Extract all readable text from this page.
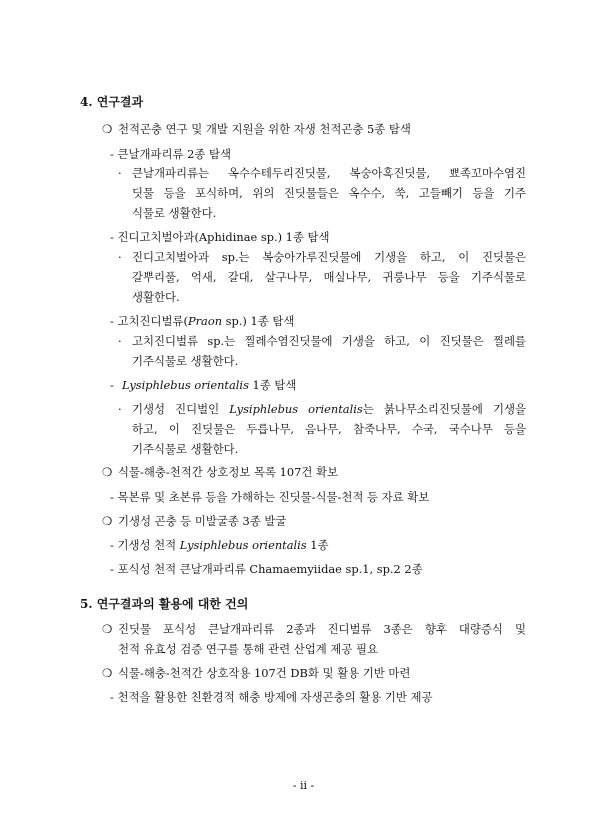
4. 연구결과
❍ 천적곤충 연구 및 개발 지원을 위한 자생 천적곤충 5종 탐색
- 큰날개파리류 2종 탐색
· 큰날개파리류는 옥수수테두리진딧물, 복숭아혹진딧물, 뾰족꼬마수염진
딧물 등을 포식하며, 위의 진딧물들은 옥수수, 쑥, 고들빼기 등을 기주
식물로 생활한다.
- 진디고치벌아과(Aphidinae sp.) 1종 탐색
· 진디고치벌아과 sp.는 복숭아가루진딧물에 기생을 하고, 이 진딧물은
갈뿌리풀, 억새, 갈대, 살구나무, 매실나무, 귀룽나무 등을 기주식물로
생활한다.
- 고치진디벌류(Praon sp.) 1종 탐색
· 고치진디벌류 sp.는 찔레수염진딧물에 기생을 하고, 이 진딧물은 찔레를
기주식물로 생활한다.
- Lysiphlebus orientalis 1종 탐색
· 기생성 진디벌인 Lysiphlebus orientalis는 붉나무소리진딧물에 기생을
하고, 이 진딧물은 두릅나무, 음나무, 참죽나무, 수국, 국수나무 등을
기주식물로 생활한다.
❍ 식물-해충-천적간 상호정보 목록 107건 확보
- 목본류 및 초본류 등을 가해하는 진딧물-식물-천적 등 자료 확보
❍ 기생성 곤충 등 미발굴종 3종 발굴
- 기생성 천적 Lysiphlebus orientalis 1종
- 포식성 천적 큰날개파리류 Chamaemyiidae sp.1, sp.2 2종
5. 연구결과의 활용에 대한 건의
❍ 진딧물 포식성 큰날개파리류 2종과 진디벌류 3종은 향후 대량증식 및
천적 유효성 검증 연구를 통해 관련 산업계 제공 필요
❍ 식물-해충-천적간 상호작용 107건 DB화 및 활용 기반 마련
- 천적을 활용한 친환경적 해충 방제에 자생곤충의 활용 기반 제공
- ii -
